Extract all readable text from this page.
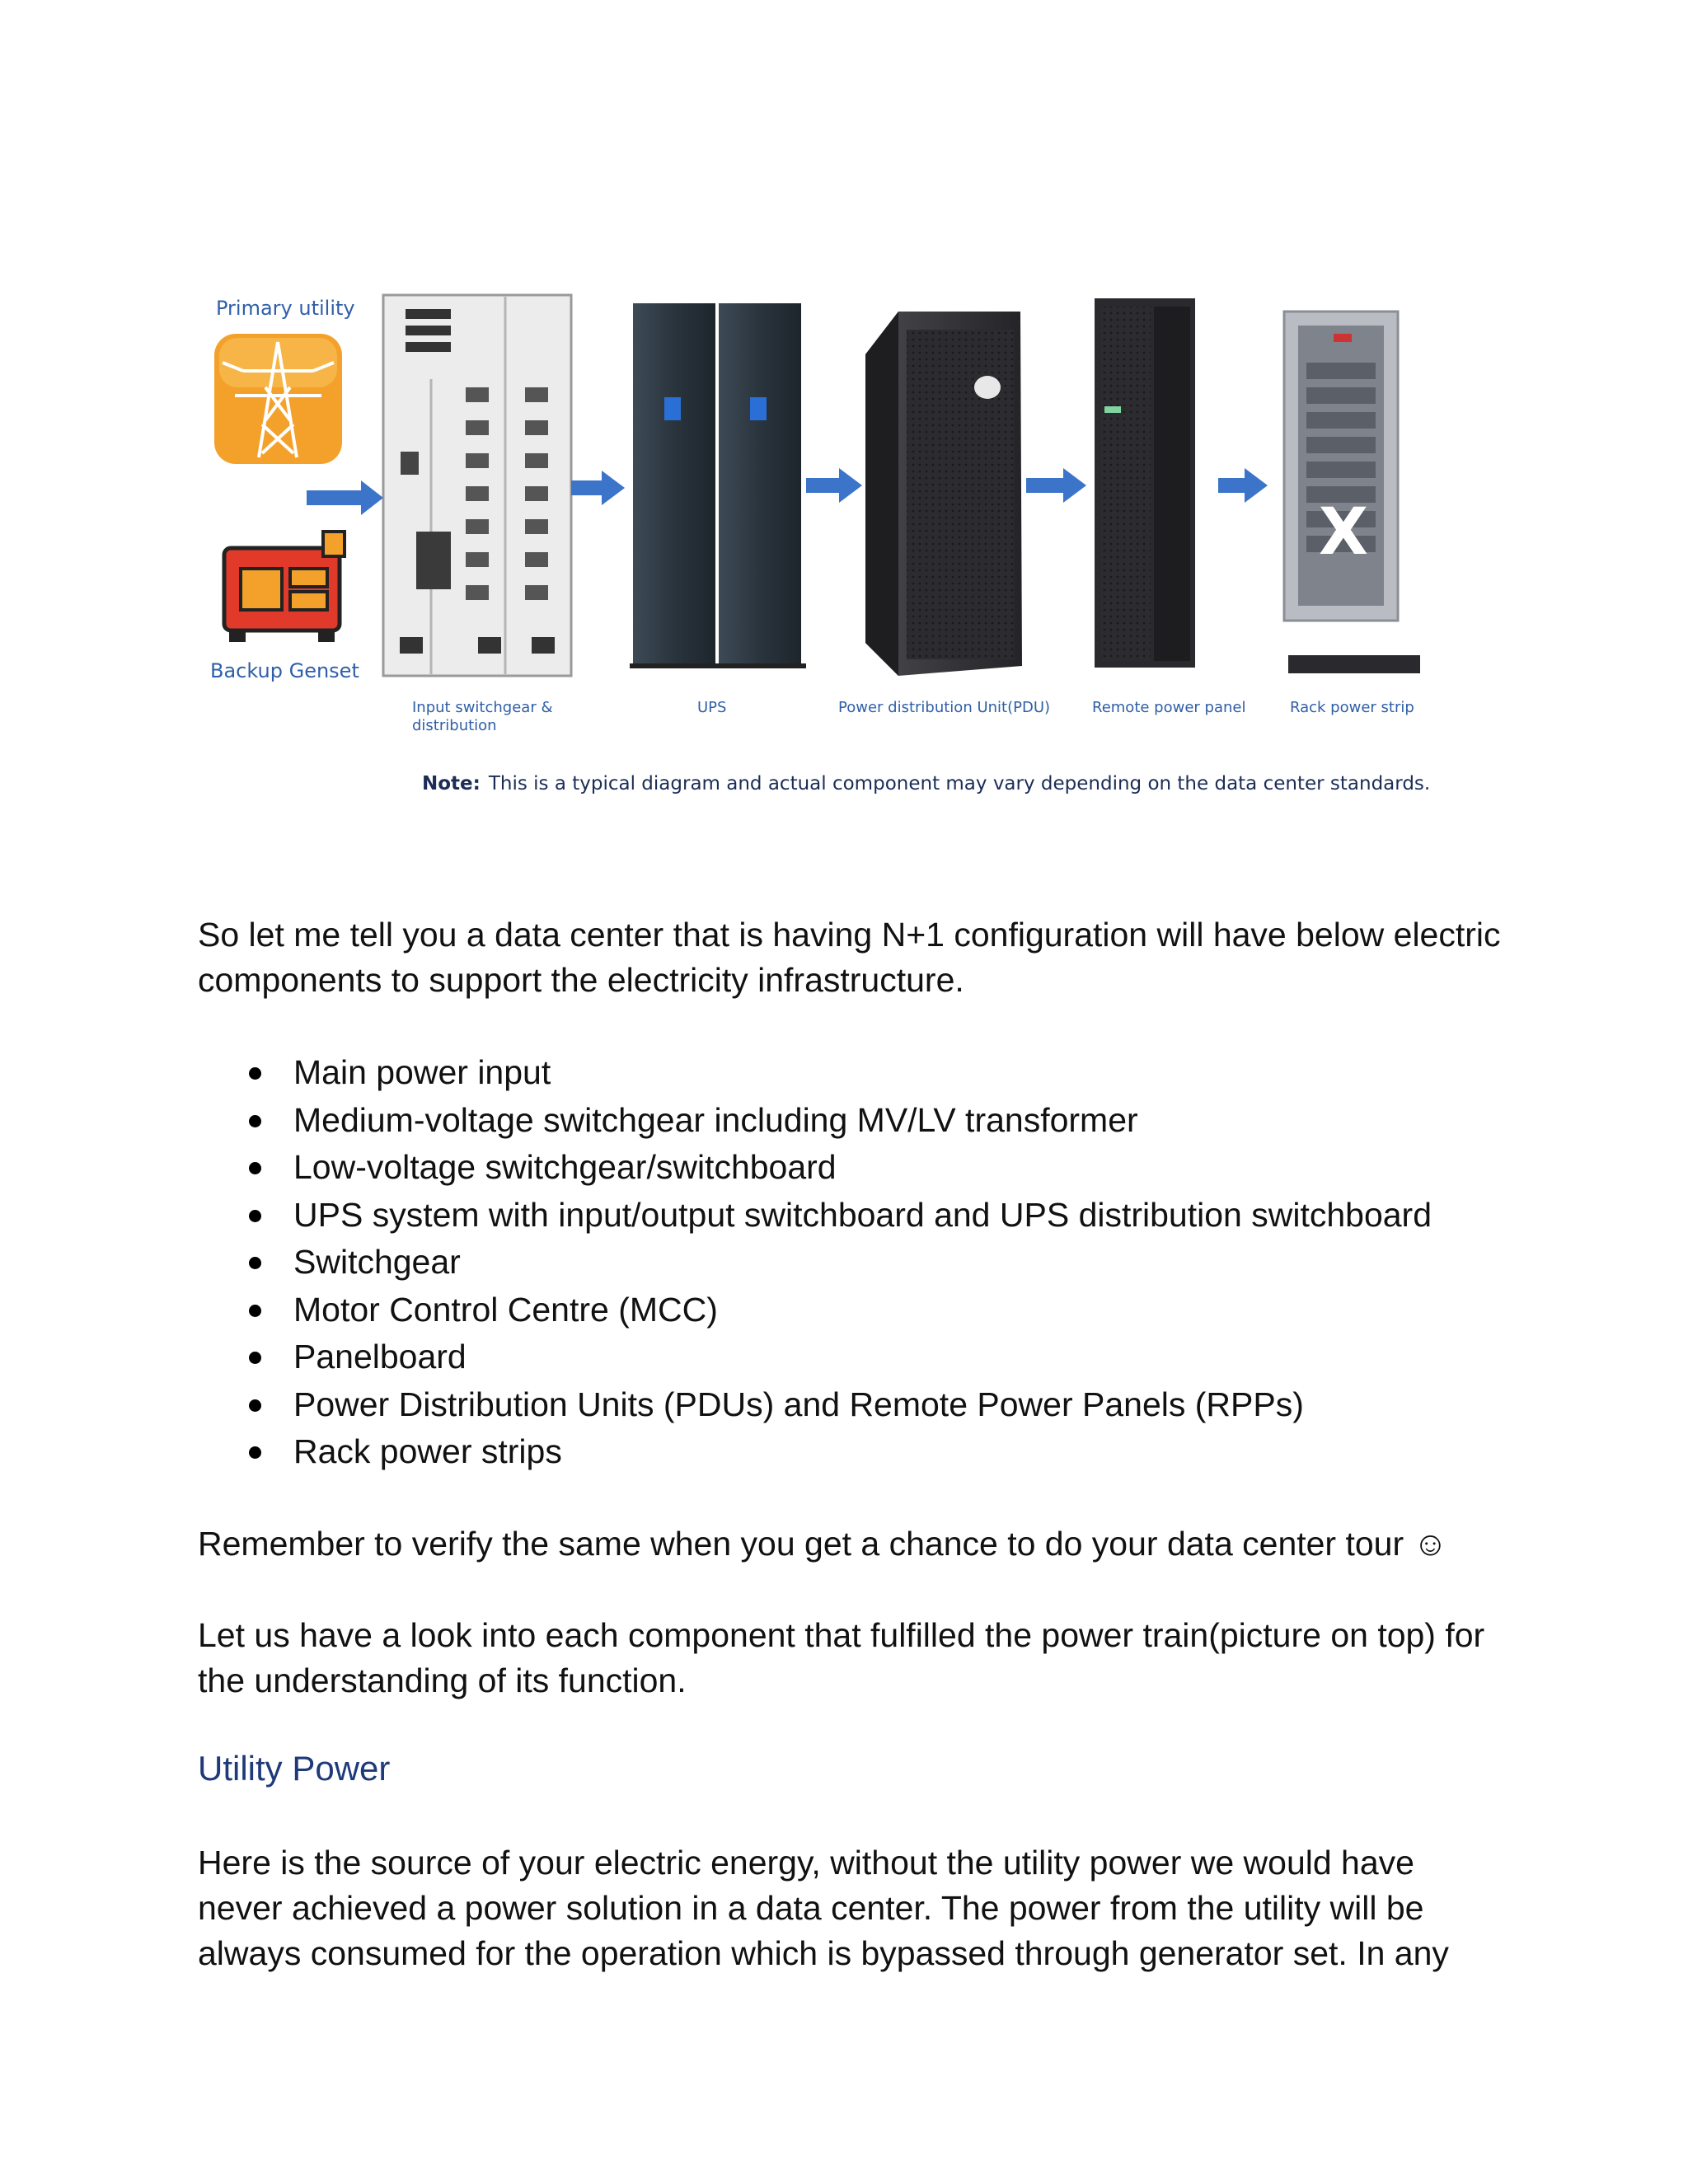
X
Primary utility
Backup Genset
Input switchgear &
distribution
UPS	Power distribution Unit(PDU)	Remote power panel	Rack power strip
Note: This is a typical diagram and actual component may vary depending on the data center standards.

So let me tell you a data center that is having N+1 configuration will have below electric components to support the electricity infrastructure.

Main power input
Medium-voltage switchgear including MV/LV transformer
Low-voltage switchgear/switchboard
UPS system with input/output switchboard and UPS distribution switchboard
Switchgear
Motor Control Centre (MCC)
Panelboard
Power Distribution Units (PDUs) and Remote Power Panels (RPPs)
Rack power strips

Remember to verify the same when you get a chance to do your data center tour ☺

Let us have a look into each component that fulfilled the power train(picture on top) for the understanding of its function.

Utility Power

Here is the source of your electric energy, without the utility power we would have never achieved a power solution in a data center. The power from the utility will be always consumed for the operation which is bypassed through generator set. In any
